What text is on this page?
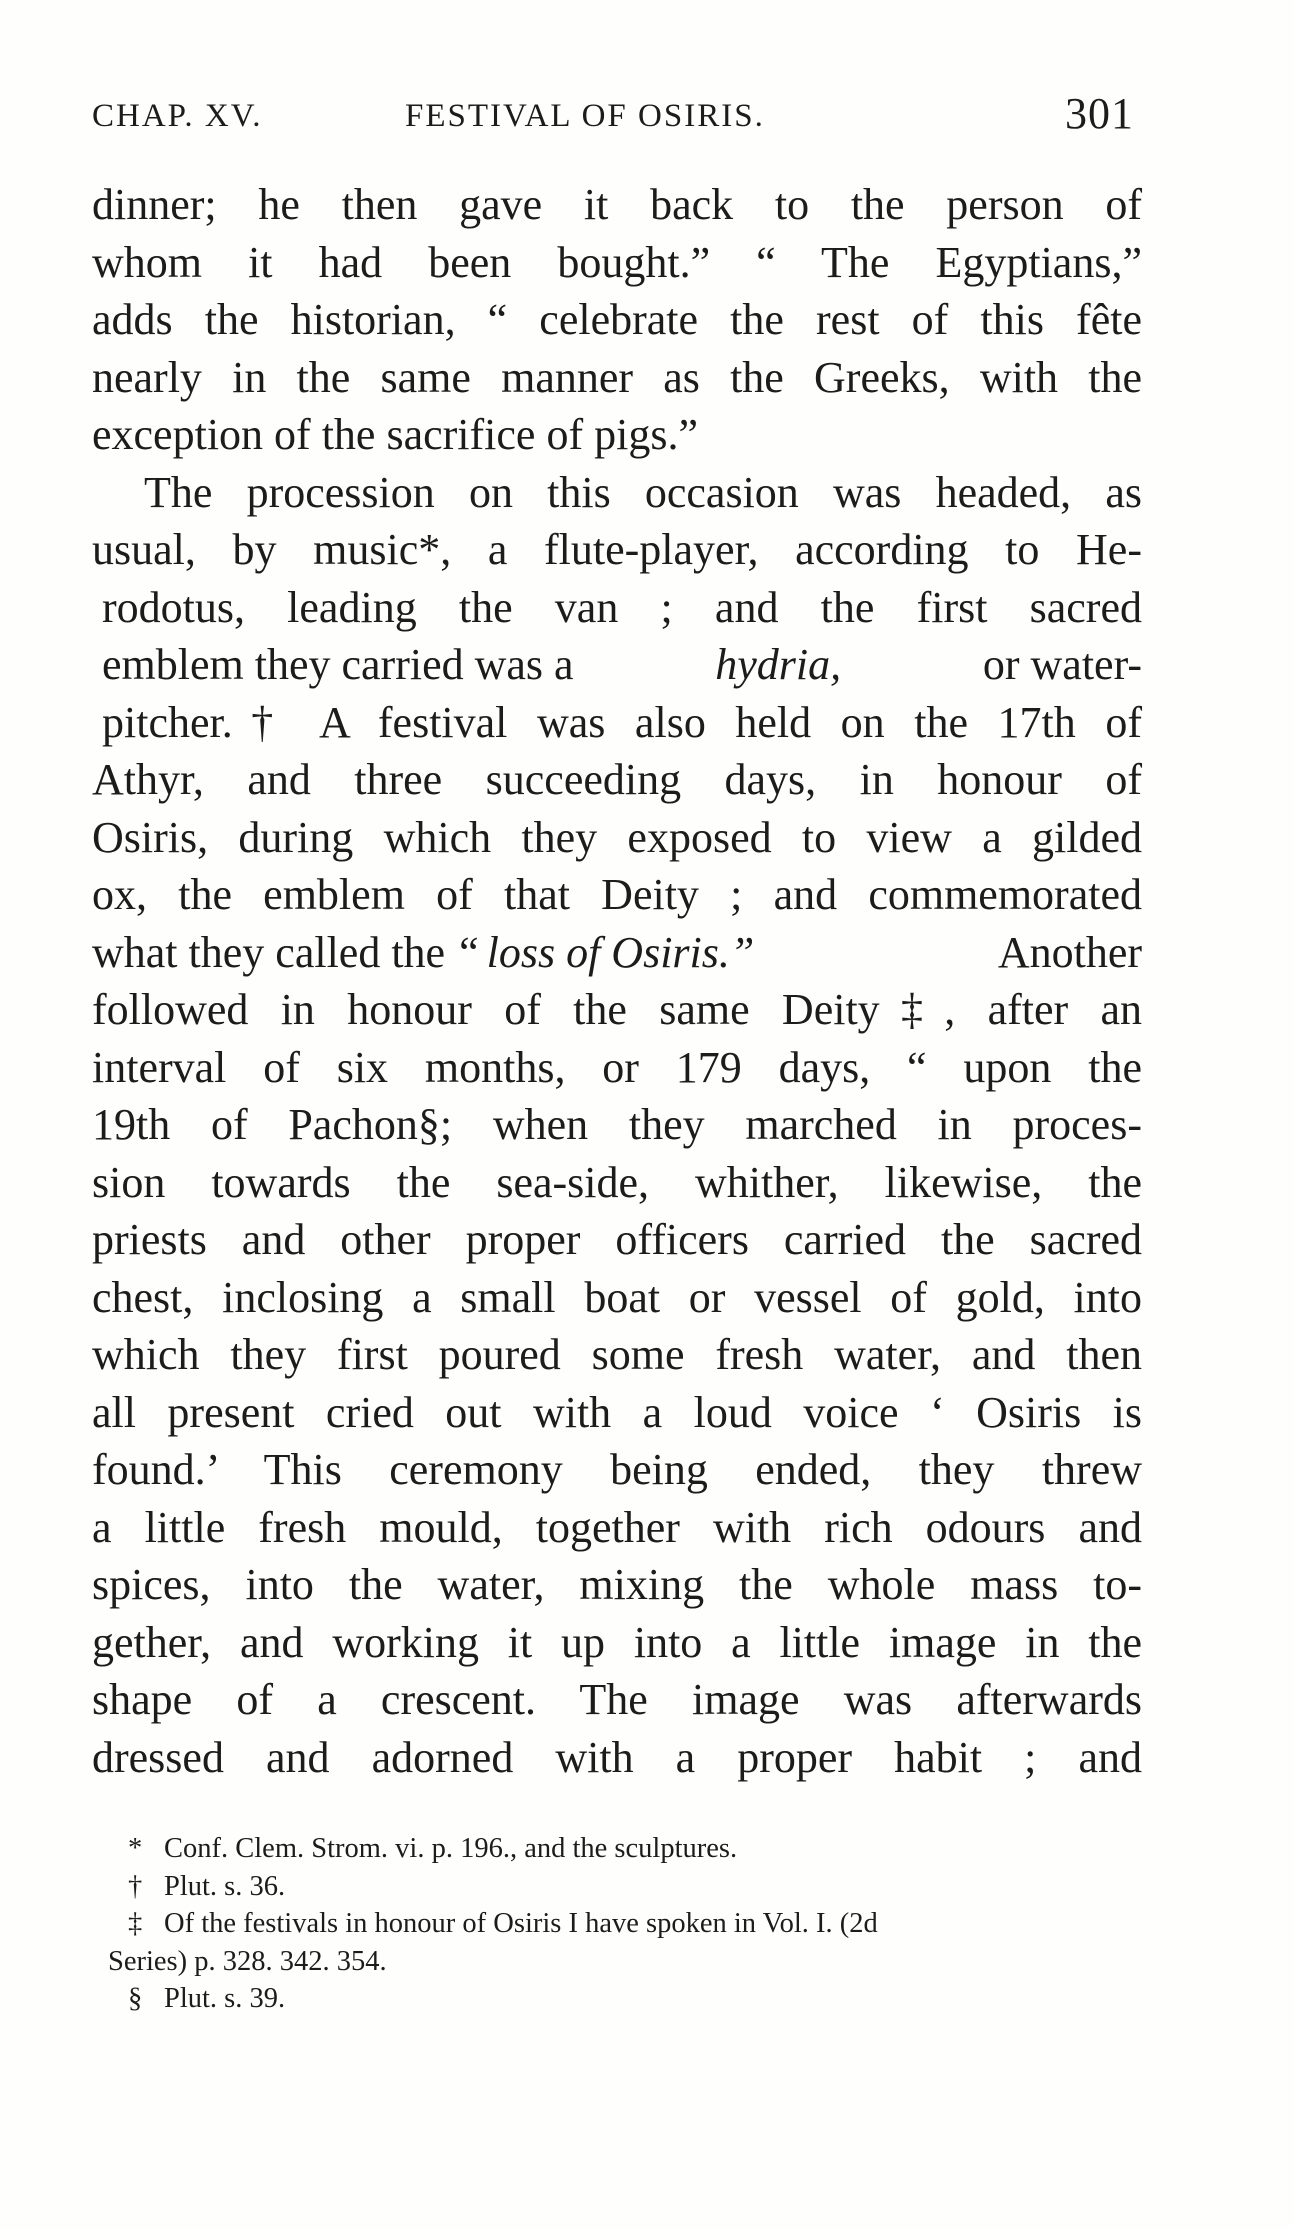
CHAP. XV.	FESTIVAL OF OSIRIS.	301
dinner; he then gave it back to the person of
whom it had been bought.” “ The Egyptians,”
adds the historian, “ celebrate the rest of this fête
nearly in the same manner as the Greeks, with the
exception of the sacrifice of pigs.”
The procession on this occasion was headed, as
usual, by music*, a flute-player, according to He-
rodotus, leading the van ; and the first sacred
emblem they carried was a	hydria,	or water-
pitcher.† A festival was also held on the 17th of
Athyr, and three succeeding days, in honour of
Osiris, during which they exposed to view a gilded
ox, the emblem of that Deity ; and commemorated
what they called the “ loss of Osiris.”	Another
followed in honour of the same Deity‡, after an
interval of six months, or 179 days, “ upon the
19th of Pachon§; when they marched in proces-
sion towards the sea-side, whither, likewise, the
priests and other proper officers carried the sacred
chest, inclosing a small boat or vessel of gold, into
which they first poured some fresh water, and then
all present cried out with a loud voice ‘ Osiris is
found.’ This ceremony being ended, they threw
a little fresh mould, together with rich odours and
spices, into the water, mixing the whole mass to-
gether, and working it up into a little image in the
shape of a crescent. The image was afterwards
dressed and adorned with a proper habit ; and
* Conf. Clem. Strom. vi. p. 196., and the sculptures.
† Plut. s. 36.
‡ Of the festivals in honour of Osiris I have spoken in Vol. I. (2d
Series) p. 328. 342. 354.
§ Plut. s. 39.
